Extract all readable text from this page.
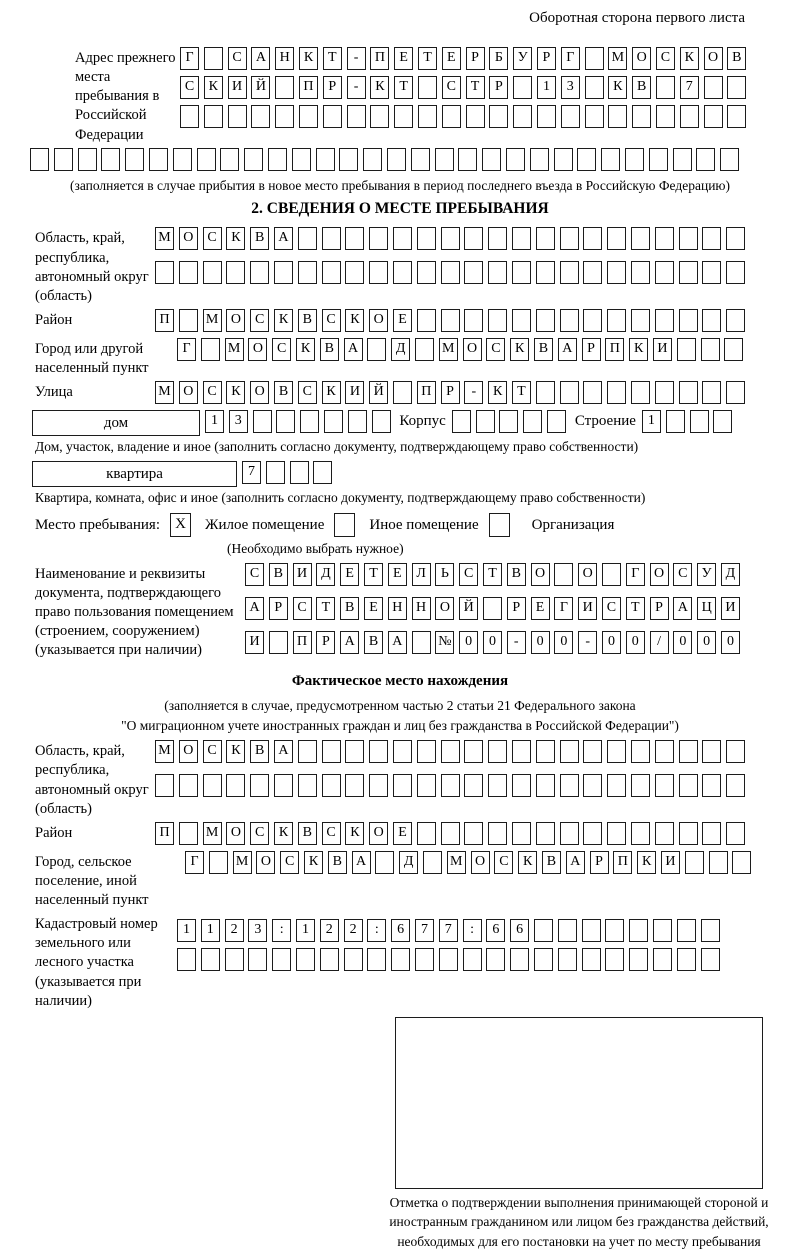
Оборотная сторона первого листа
Адрес прежнего места пребывания в Российской Федерации
Г	С А Н К Т - П Е Т Е Р Б У Р Г	М О С К О В
С К И Й	П Р - К Т	С Т Р	1 3	К В	7
(заполняется в случае прибытия в новое место пребывания в период последнего въезда в Российскую Федерацию)
2. СВЕДЕНИЯ О МЕСТЕ ПРЕБЫВАНИЯ
Область, край, республика, автономный округ (область)
М О С К В А
Район	П	М О С К В С К О Е
Город или другой населенный пункт
Г	М О С К В А	Д	М О С К В А Р П К И
Улица	М О С К О В С К И Й	П Р - К Т
дом	1 3	Корпус	Строение 1
Дом, участок, владение и иное (заполнить согласно документу, подтверждающему право собственности)
квартира	7
Квартира, комната, офис и иное (заполнить согласно документу, подтверждающему право собственности)
Место пребывания:	X	Жилое помещение	Иное помещение	Организация
(Необходимо выбрать нужное)
Наименование и реквизиты документа, подтверждающего право пользования помещением (строением, сооружением) (указывается при наличии)
С В И Д Е Т Е Л Ь С Т В О	О	Г О С У Д
А Р С Т В Е Н Н О Й	Р Е Г И С Т Р А Ц И
И	П Р А В А	№ 0 0 - 0 0 - 0 0 / 0 0 0
Фактическое место нахождения
(заполняется в случае, предусмотренном частью 2 статьи 21 Федерального закона
"О миграционном учете иностранных граждан и лиц без гражданства в Российской Федерации")
Область, край, республика, автономный округ (область)
М О С К В А
Район	П	М О С К В С К О Е
Город, сельское поселение, иной населенный пункт
Г	М О С К В А	Д	М О С К В А Р П К И
Кадастровый номер земельного или лесного участка (указывается при наличии)
1 1 2 3 : 1 2 2 : 6 7 7 : 6 6
Отметка о подтверждении выполнения принимающей стороной и иностранным гражданином или лицом без гражданства действий, необходимых для его постановки на учет по месту пребывания
